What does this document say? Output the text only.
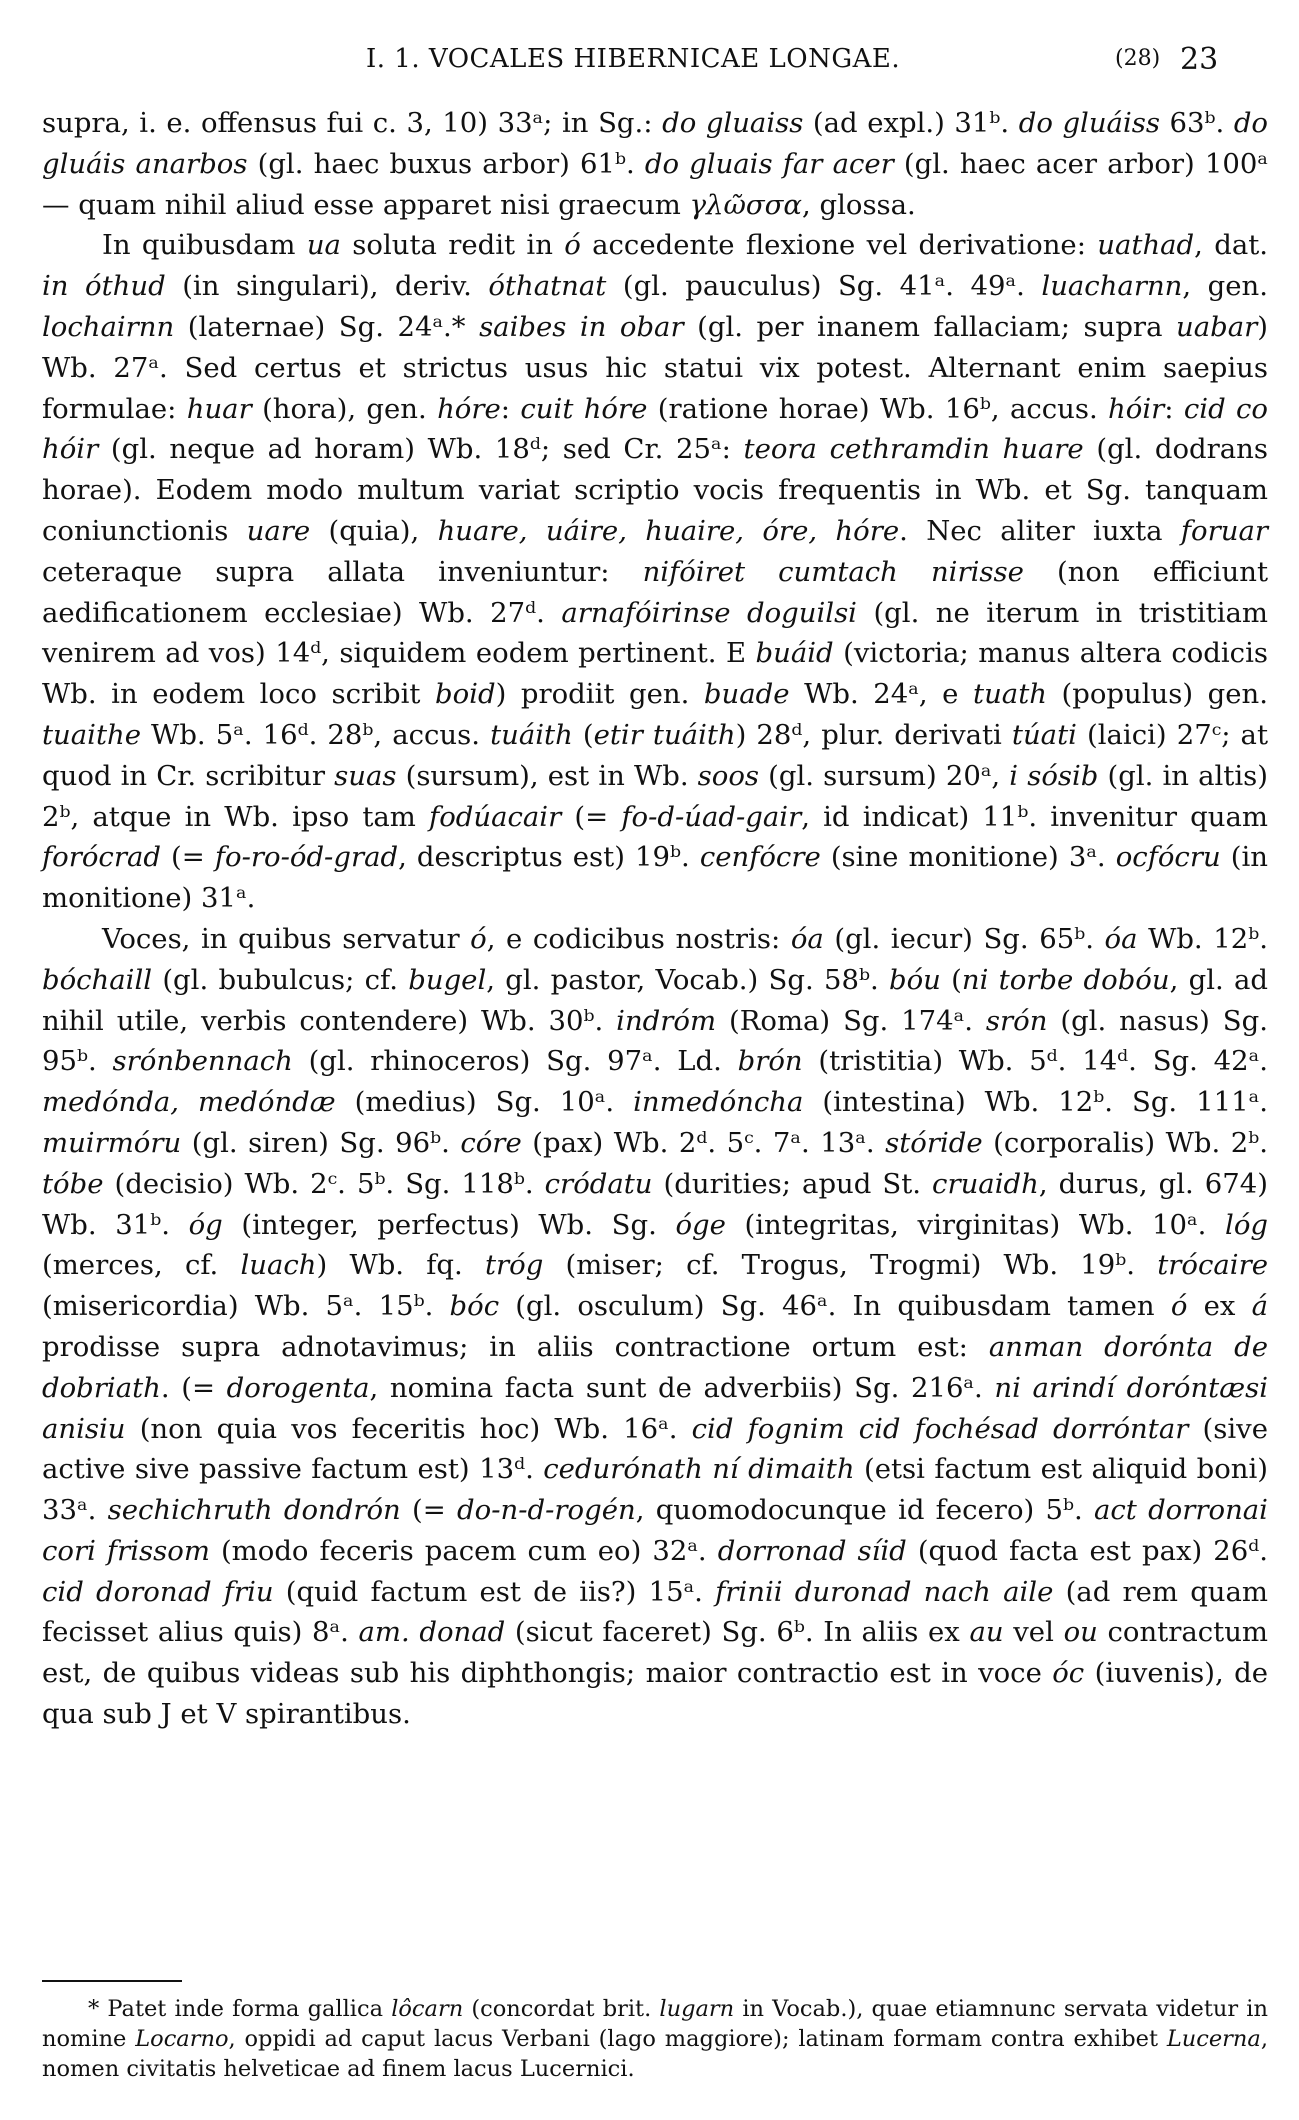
I. 1. VOCALES HIBERNICAE LONGAE.	(28) 23

supra, i. e. offensus fui c. 3, 10) 33ᵃ; in Sg.: do gluaiss (ad expl.) 31ᵇ. do gluáiss 63ᵇ. do gluáis anarbos (gl. haec buxus arbor) 61ᵇ. do gluais far acer (gl. haec acer arbor) 100ᵃ — quam nihil aliud esse apparet nisi graecum γλῶσσα, glossa.

In quibusdam ua soluta redit in ó accedente flexione vel derivatione: uathad, dat. in óthud (in singulari), deriv. óthatnat (gl. pauculus) Sg. 41ᵃ. 49ᵃ. luacharnn, gen. lochairnn (laternae) Sg. 24ᵃ.* saibes in obar (gl. per inanem fallaciam; supra uabar) Wb. 27ᵃ. Sed certus et strictus usus hic statui vix potest. Alternant enim saepius formulae: huar (hora), gen. hóre: cuit hóre (ratione horae) Wb. 16ᵇ, accus. hóir: cid co hóir (gl. neque ad horam) Wb. 18ᵈ; sed Cr. 25ᵃ: teora cethramdin huare (gl. dodrans horae). Eodem modo multum variat scriptio vocis frequentis in Wb. et Sg. tanquam coniunctionis uare (quia), huare, uáire, huaire, óre, hóre. Nec aliter iuxta foruar ceteraque supra allata inveniuntur: nifóiret cumtach nirisse (non efficiunt aedificationem ecclesiae) Wb. 27ᵈ. arnafóirinse doguilsi (gl. ne iterum in tristitiam venirem ad vos) 14ᵈ, siquidem eodem pertinent. E buáid (victoria; manus altera codicis Wb. in eodem loco scribit boid) prodiit gen. buade Wb. 24ᵃ, e tuath (populus) gen. tuaithe Wb. 5ᵃ. 16ᵈ. 28ᵇ, accus. tuáith (etir tuáith) 28ᵈ, plur. derivati túati (laici) 27ᶜ; at quod in Cr. scribitur suas (sursum), est in Wb. soos (gl. sursum) 20ᵃ, i sósib (gl. in altis) 2ᵇ, atque in Wb. ipso tam fodúacair (= fo-d-úad-gair, id indicat) 11ᵇ. invenitur quam foróc​rad (= fo-ro-ód-grad, descriptus est) 19ᵇ. cenfócre (sine monitione) 3ᵃ. ocfócru (in monitione) 31ᵃ.

Voces, in quibus servatur ó, e codicibus nostris: óa (gl. iecur) Sg. 65ᵇ. óa Wb. 12ᵇ. bóchaill (gl. bubulcus; cf. bugel, gl. pastor, Vocab.) Sg. 58ᵇ. bóu (ni torbe dobóu, gl. ad nihil utile, verbis contendere) Wb. 30ᵇ. indróm (Roma) Sg. 174ᵃ. srón (gl. nasus) Sg. 95ᵇ. srónbennach (gl. rhinoceros) Sg. 97ᵃ. Ld. brón (tristitia) Wb. 5ᵈ. 14ᵈ. Sg. 42ᵃ. medónda, medóndæ (medius) Sg. 10ᵃ. inmedóncha (intestina) Wb. 12ᵇ. Sg. 111ᵃ. muirmóru (gl. siren) Sg. 96ᵇ. córe (pax) Wb. 2ᵈ. 5ᶜ. 7ᵃ. 13ᵃ. stóride (corporalis) Wb. 2ᵇ. tóbe (decisio) Wb. 2ᶜ. 5ᵇ. Sg. 118ᵇ. cródatu (durities; apud St. cruaidh, durus, gl. 674) Wb. 31ᵇ. óg (integer, perfectus) Wb. Sg. óge (integritas, virginitas) Wb. 10ᵃ. lóg (merces, cf. luach) Wb. fq. tróg (miser; cf. Trogus, Trogmi) Wb. 19ᵇ. trócaire (misericordia) Wb. 5ᵃ. 15ᵇ. bóc (gl. osculum) Sg. 46ᵃ. In quibusdam tamen ó ex á prodisse supra adnotavimus; in aliis contractione ortum est: anman doróntа de dobriath. (= dorogenta, nomina facta sunt de adverbiis) Sg. 216ᵃ. ni arindí doróntæsi anisiu (non quia vos feceritis hoc) Wb. 16ᵃ. cid fognim cid fochésad dorróntar (sive active sive passive factum est) 13ᵈ. cedurónath ní dimaith (etsi factum est aliquid boni) 33ᵃ. sechichruth dondrón (= do-n-d-rogén, quomodocunque id fecero) 5ᵇ. act dorronai cori frissom (modo feceris pacem cum eo) 32ᵃ. dorronad síid (quod facta est pax) 26ᵈ. cid doronad friu (quid factum est de iis?) 15ᵃ. frinii duronad nach aile (ad rem quam fecisset alius quis) 8ᵃ. am. donad (sicut faceret) Sg. 6ᵇ. In aliis ex au vel ou contractum est, de quibus videas sub his diphthongis; maior contractio est in voce óc (iuvenis), de qua sub J et V spirantibus.

* Patet inde forma gallica lôcarn (concordat brit. lugarn in Vocab.), quae etiamnunc servata videtur in nomine Locarno, oppidi ad caput lacus Verbani (lago maggiore); latinam formam contra exhibet Lucerna, nomen civitatis helveticae ad finem lacus Lucernici.
